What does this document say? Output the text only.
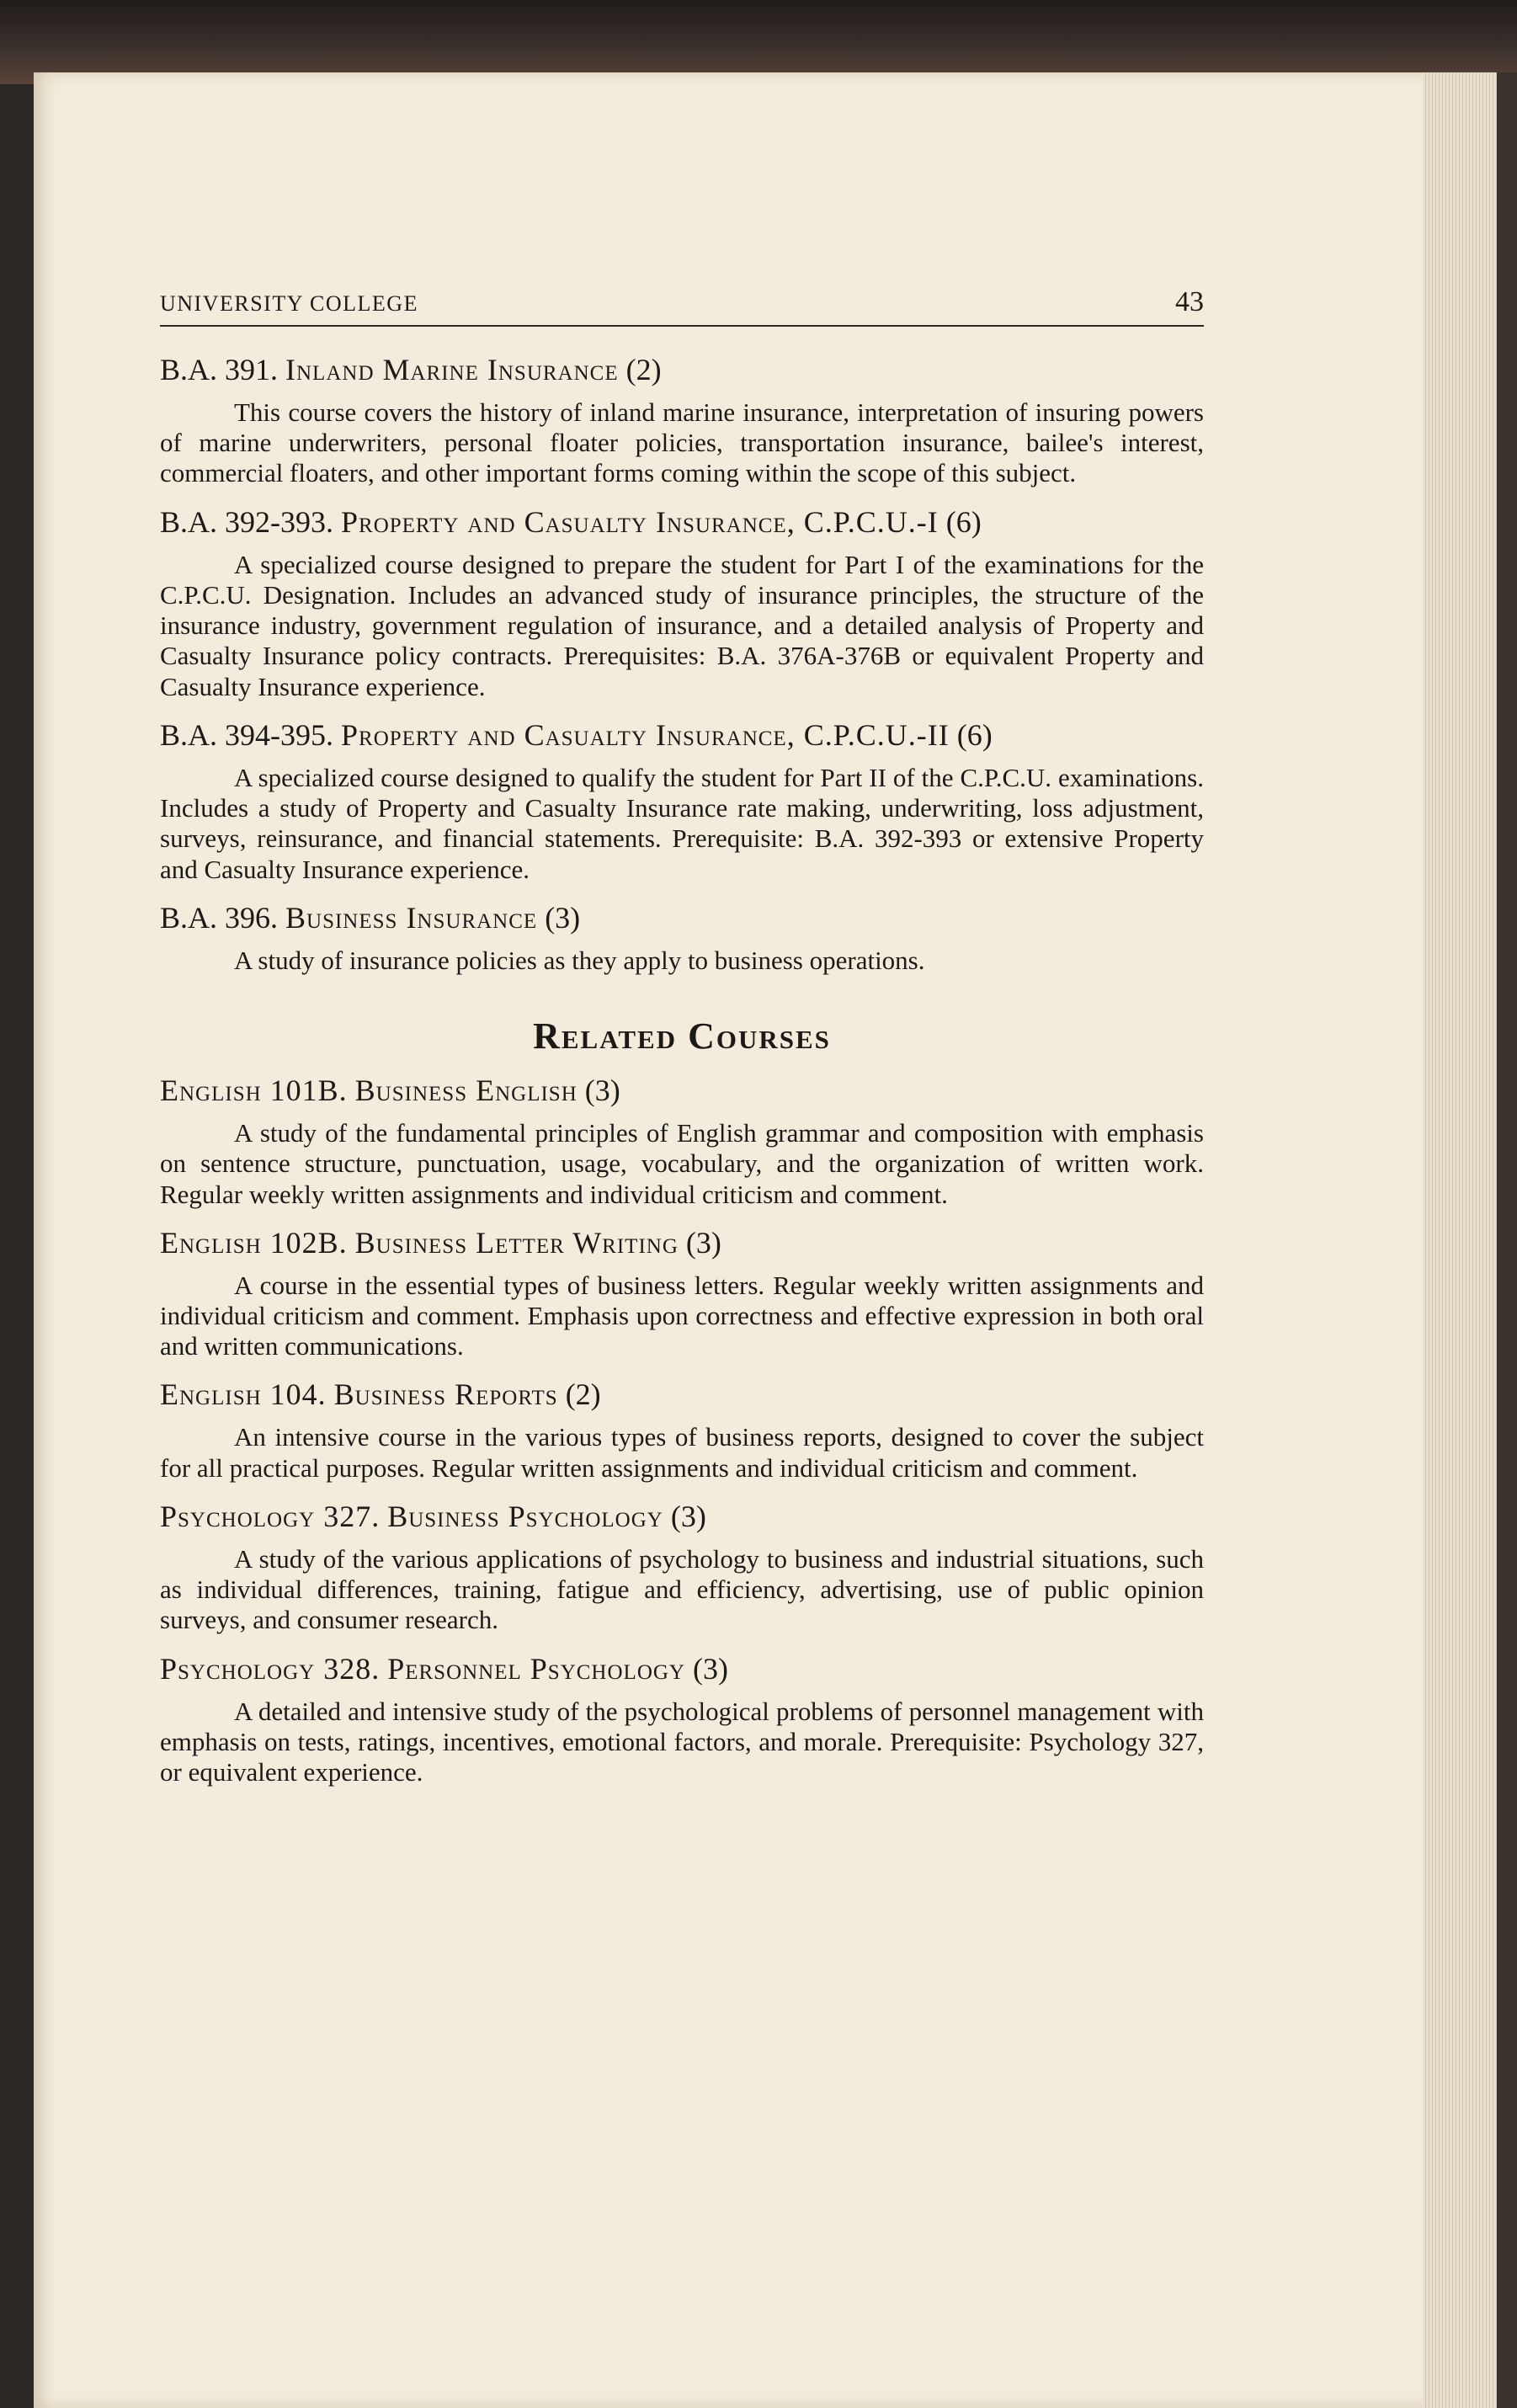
UNIVERSITY COLLEGE	43

B.A. 391. Inland Marine Insurance (2)

This course covers the history of inland marine insurance, interpretation of insuring powers of marine underwriters, personal floater policies, transportation insurance, bailee's interest, commercial floaters, and other important forms coming within the scope of this subject.

B.A. 392-393. Property and Casualty Insurance, C.P.C.U.-I (6)

A specialized course designed to prepare the student for Part I of the examinations for the C.P.C.U. Designation. Includes an advanced study of insurance principles, the structure of the insurance industry, government regulation of insurance, and a detailed analysis of Property and Casualty Insurance policy contracts. Prerequisites: B.A. 376A-376B or equivalent Property and Casualty Insurance experience.

B.A. 394-395. Property and Casualty Insurance, C.P.C.U.-II (6)

A specialized course designed to qualify the student for Part II of the C.P.C.U. examinations. Includes a study of Property and Casualty Insurance rate making, underwriting, loss adjustment, surveys, reinsurance, and financial statements. Prerequisite: B.A. 392-393 or extensive Property and Casualty Insurance experience.

B.A. 396. Business Insurance (3)

A study of insurance policies as they apply to business operations.

Related Courses

English 101B. Business English (3)

A study of the fundamental principles of English grammar and composition with emphasis on sentence structure, punctuation, usage, vocabulary, and the organization of written work. Regular weekly written assignments and individual criticism and comment.

English 102B. Business Letter Writing (3)

A course in the essential types of business letters. Regular weekly written assignments and individual criticism and comment. Emphasis upon correctness and effective expression in both oral and written communications.

English 104. Business Reports (2)

An intensive course in the various types of business reports, designed to cover the subject for all practical purposes. Regular written assignments and individual criticism and comment.

Psychology 327. Business Psychology (3)

A study of the various applications of psychology to business and industrial situations, such as individual differences, training, fatigue and efficiency, advertising, use of public opinion surveys, and consumer research.

Psychology 328. Personnel Psychology (3)

A detailed and intensive study of the psychological problems of personnel management with emphasis on tests, ratings, incentives, emotional factors, and morale. Prerequisite: Psychology 327, or equivalent experience.
